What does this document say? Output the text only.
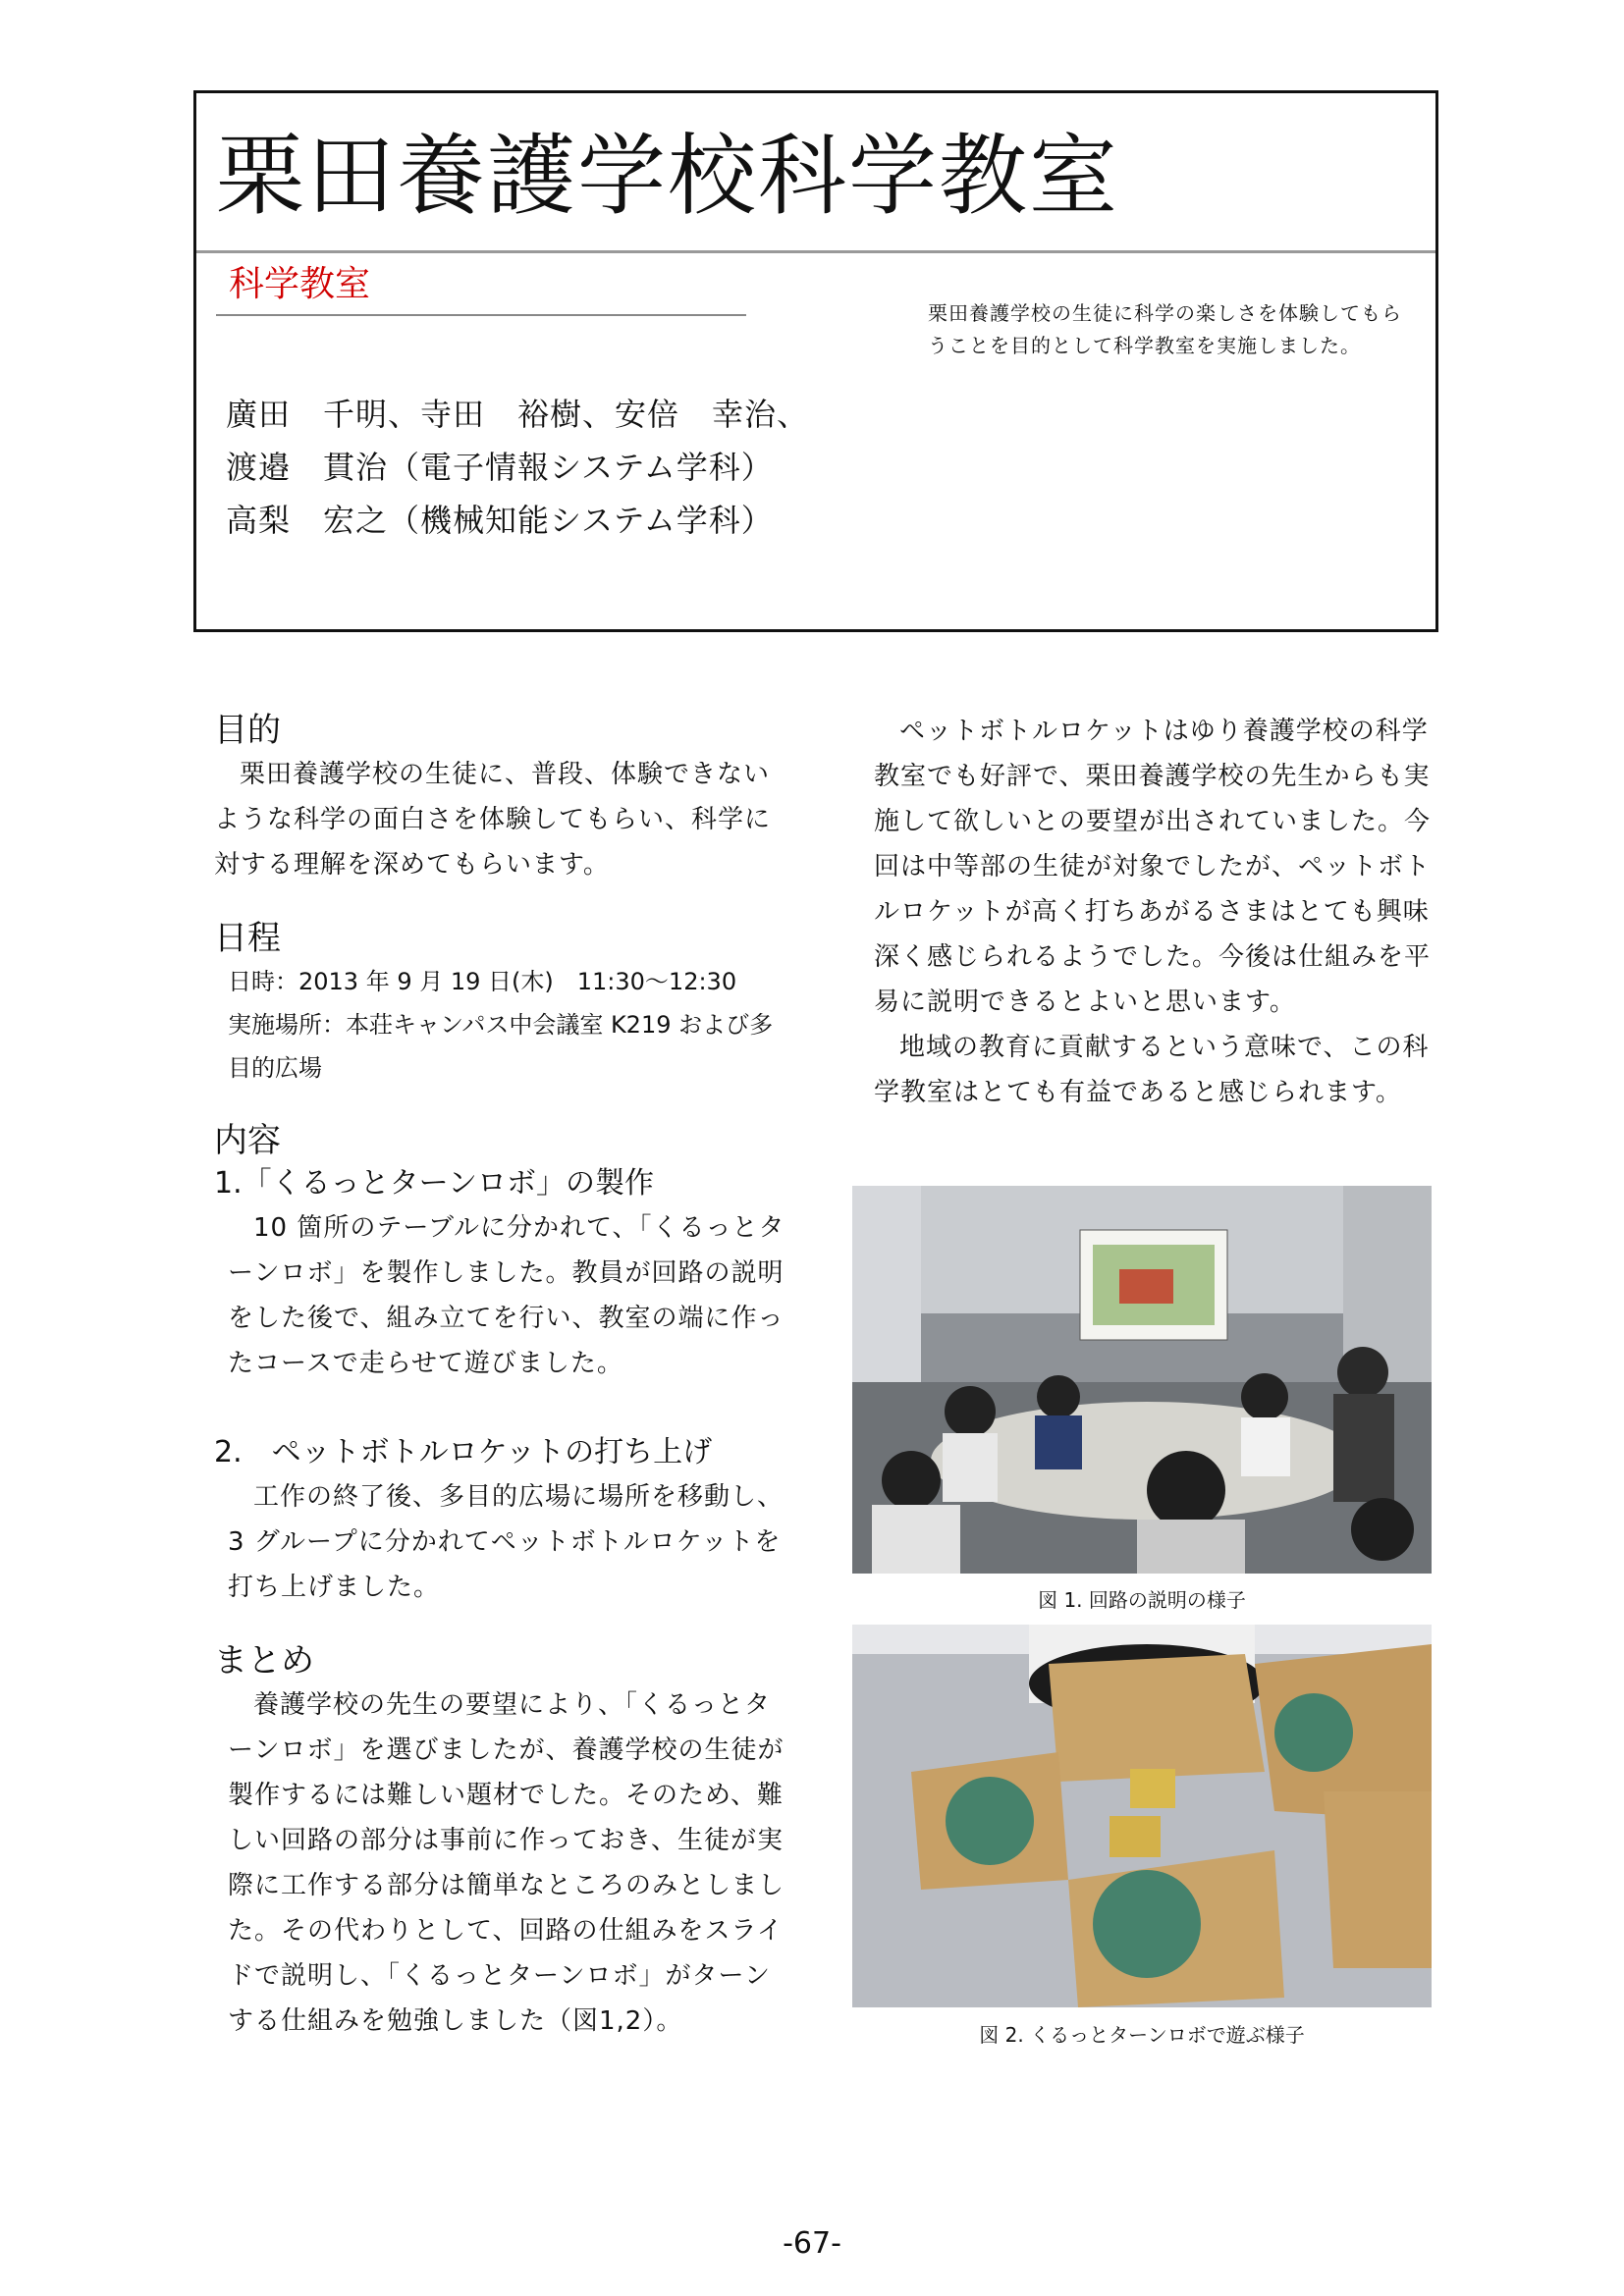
栗田養護学校科学教室
科学教室
廣田　千明、寺田　裕樹、安倍　幸治、
渡邉　貫治（電子情報システム学科）
高梨　宏之（機械知能システム学科）
栗田養護学校の生徒に科学の楽しさを体験してもらうことを目的として科学教室を実施しました。
目的
栗田養護学校の生徒に、普段、体験できないような科学の面白さを体験してもらい、科学に対する理解を深めてもらいます。
日程
日時：2013 年 9 月 19 日(木)　11:30～12:30
実施場所：本荘キャンパス中会議室 K219 および多目的広場
内容
1.「くるっとターンロボ」の製作
10 箇所のテーブルに分かれて、「くるっとターンロボ」を製作しました。教員が回路の説明をした後で、組み立てを行い、教室の端に作ったコースで走らせて遊びました。
2.　ペットボトルロケットの打ち上げ
工作の終了後、多目的広場に場所を移動し、3 グループに分かれてペットボトルロケットを打ち上げました。
まとめ
養護学校の先生の要望により、「くるっとターンロボ」を選びましたが、養護学校の生徒が製作するには難しい題材でした。そのため、難しい回路の部分は事前に作っておき、生徒が実際に工作する部分は簡単なところのみとしました。その代わりとして、回路の仕組みをスライドで説明し、「くるっとターンロボ」がターンする仕組みを勉強しました（図1,2）。
ペットボトルロケットはゆり養護学校の科学教室でも好評で、栗田養護学校の先生からも実施して欲しいとの要望が出されていました。今回は中等部の生徒が対象でしたが、ペットボトルロケットが高く打ちあがるさまはとても興味深く感じられるようでした。今後は仕組みを平易に説明できるとよいと思います。
地域の教育に貢献するという意味で、この科学教室はとても有益であると感じられます。
図 1. 回路の説明の様子
図 2. くるっとターンロボで遊ぶ様子
-67-
